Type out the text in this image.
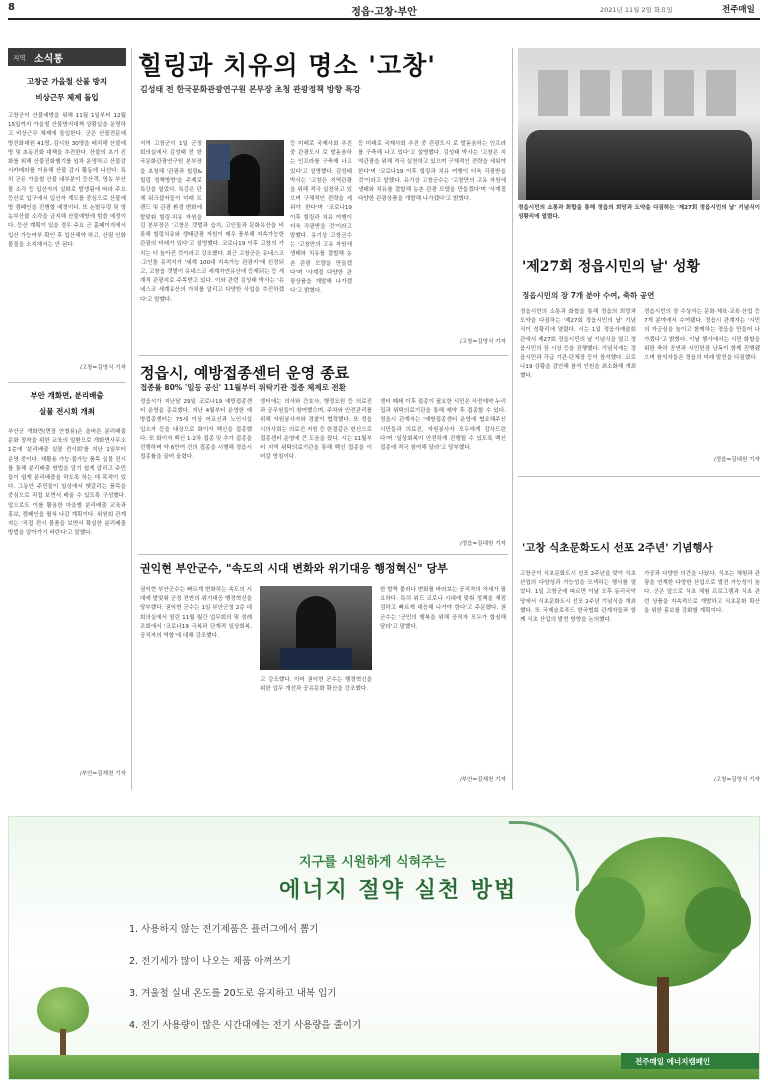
8	정읍·고창·부안	2021년 11월 2일 화요일	전주매일
지역 소식통
고창군 가을철 산불 방지
비상근무 체제 돌입
고창군이 산불예방을 위해 11월 1일부터 12월 15일까지 가을철 산불방지대책 상황실을 운영하고 비상근무 체제에 돌입한다. 군은 산불전문예방진화대원 41명, 감시원 30명을 배치해 산불예방 및 초동진화 대책을 추진한다. 산불의 초기 진화를 위해 산불진화헬기를 임차 운영하고 산불감시카메라를 이용해 산불 감시 활동에 나선다. 특히 군은 가을철 산불 대부분이 등산객, 영농 부산물 소각 등 입산자의 실화로 발생됨에 따라 주요 등산로 입구에서 입산자 계도를 중심으로 산불예방 캠페인을 진행할 예정이다. 또 논밭두렁 및 영농부산물 소각을 금지해 산불예방에 힘쓸 예정이다. 등산 계획이 있을 경우 주요 군 홈페이지에서 입산 가능여부 확인 후 입산해야 하고, 산림 인화물질을 소지해서는 안 된다.
/고창=김영식 기자
부안 개화면, 분리배출
실물 전시회 개최
부안군 개화면(면장 안철용)은 올바른 분리배출 문화 정착을 위한 교육의 일환으로 개화면사무소 1층에 '분리배출 실물 전시회'를 지난 1일부터 운영 중이다. 재활용 가능·불가능 품목 실물 전시를 통해 분리배출 방법을 알기 쉽게 알리고 주민들이 쉽게 분리배출을 하도록 하는 데 목적이 있다. 그동안 주민들이 일상에서 헷갈리는 품목을 중심으로 직접 보면서 배울 수 있도록 구성했다. 앞으로도 이를 활용한 마을별 분리배출 교육과 홍보, 캠페인을 펼쳐 나갈 계획이다. 위원회 관계자는 '직접 전시 물품을 보면서 확실한 분리배출 방법을 알아가기 바란다'고 말했다.
/부안=김재천 기자
힐링과 치유의 명소 '고창'
김성태 전 한국문화관광연구원 본부장 초청 관광정책 방향 특강
지역 고창군이 1일 군청 회의실에서 김성태 전 한국문화관광연구원 본부장을 초청해 '관광과 힐링&힐링 정책방향'을 주제로 특강을 열었다. 특강은 단체 워크샵자들이 미래 트렌드 및 관광 환경 변화에 발맞춰 힐링·치유 자원을
김 본부장은 '고창은 갯벌과 습지, 고인돌과 문화유산을 비롯해 힐링치유와 생태관광 자원이 매우 풍부해 지속가능한 관광의 미래가 있다'고 설명했다. 코로나19 이후 고창의 가치는 더 높아진 것이라고 강조했다. 최근 고창군은 유네스코·고인돌 유적지가 '세계 100대 지속가능 관광지'에 선정되고, 고창읍 갯벌이 유네스코 세계자연유산에 등재되는 등 세계적 관광지로 주목받고 있다. 이와 관련 김성태 박사는 '유네스코 세계유산의 가치를 알리고 다양한 사업을 추진하겠다'고 말했다.
등 미래로 국제사회 추진 중 관광도시 로 발돋움하는 인프라를 구축해 나고 있다'고 설명했다. 김성태 박사는 '고창은 지역관광을 위해 적극 실천하고 있으며 구체적인 전략을 세워야 한다'며 '코로나19 이후 힐링과 치유 여행이 더욱 각광받을 것'이라고 말했다. 유기상 고창군수는 '고창만의 고유 자원에 생태와 치유를 결합해 농촌 관광 모델을 만들겠다'며 '사계절 다양한 관광상품을 개발해 나가겠다'고 밝혔다.
등 미래로 국제사회 추진 중 관광도시 로 발돋움하는 인프라를 구축해 나고 있다'고 설명했다. 김성태 박사는 '고창은 지역관광을 위해 적극 실천하고 있으며 구체적인 전략을 세워야 한다'며 '코로나19 이후 힐링과 치유 여행이 더욱 각광받을 것'이라고 말했다. 유기상 고창군수는 '고창만의 고유 자원에 생태와 치유를 결합해 농촌 관광 모델을 만들겠다'며 '사계절 다양한 관광상품을 개발해 나가겠다'고 밝혔다.
/고창=김영식 기자
정읍시, 예방접종센터 운영 종료
접종률 80% '일등 공신' 11월부터 위탁기관 접종 체제로 전환
정읍시가 지난달 29일 코로나19 예방접종센터 운영을 종료했다. 지난 4월부터 운영한 예방접종센터는 75세 이상 어르신과 노인시설 입소자 등을 대상으로 화이자 백신을 접종했다. 또 화이자 백신 1·2차 접종 및 추가 접종을 진행하며 약 6만여 건의 접종을 시행해 정읍시 접종률을 끌어 올렸다.
센터에는 의사와 간호사, 행정요원 등 의료진과 공무원들이 참여했으며, 주차와 안전관리를 위해 자원봉사자와 경찰이 협력했다. 또 정읍시의사회는 의료진 지원 등 한결같은 헌신으로 접종센터 운영에 큰 도움을 줬다. 시는 11월부터 지역 위탁의료기관을 통해 백신 접종을 이어갈 방침이다.
센터 폐쇄 이후 접종이 필요한 시민은 사전예약 누리집과 위탁의료기관을 통해 예약 후 접종할 수 있다. 정읍시 관계자는 '예방접종센터 운영에 협조해주신 시민들과 의료진, 자원봉사자 모두에게 감사드린다'며 '일상회복이 안전하게 진행될 수 있도록 백신 접종에 적극 참여해 달라'고 당부했다.
/정읍=김대원 기자
권익현 부안군수, "속도의 시대 변화와 위기대응 행정혁신" 당부
권익현 부안군수는 빠르게 변화하는 속도의 시대에 발맞춰 군정 전반의 위기대응 행정혁신을 당부했다. 권익현 군수는 1일 부안군청 2층 대회의실에서 열린 11월 월간 업무회의 및 정례조회에서 '코로나19 극복과 단계적 일상회복, 공직자의 역할'에 대해 강조했다.
고 강조했다. 이어 권익현 군수는 행정혁신을 위한 업무 개선과 공유문화 확산을 강조했다.
한 발짝 물러나 변화를 바라보는 공직자의 자세가 필요하다. 특히 위드 코로나 시대에 맞춰 정책을 재점검하고 빠르게 대응해 나가야 한다'고 주문했다. 권 군수는 '군민의 행복을 위해 공직자 모두가 합심해 달라'고 말했다.
/부안=김재천 기자
정읍시민의 소통과 화합을 통해 정읍의 희망과 도약을 다짐하는 '제27회 정읍시민의 날' 기념식이 성황리에 열렸다.
'제27회 정읍시민의 날' 성황
정읍시민의 장 7개 분야 수여, 축하 공연
정읍시민의 소통과 화합을 통해 정읍의 희망과 도약을 다짐하는 '제27회 정읍시민의 날' 기념식이 성황리에 열렸다. 시는 1일 정읍사예술회관에서 제27회 정읍시민의 날 기념식을 열고 정읍시민의 장 시상 등을 진행했다. 기념식에는 정읍시민과 각급 기관·단체장 등이 참석했다. 코로나19 상황을 감안해 참석 인원을 최소화해 개최했다.
정읍시민의 장 수상자는 문화·체육·교육·산업 등 7개 분야에서 수여됐다. 정읍시 관계자는 '시민의 자긍심을 높이고 함께하는 정읍을 만들어 나가겠다'고 밝혔다. 이날 행사에서는 시민 화합을 위한 축하 공연과 시민헌장 낭독이 함께 진행됐으며 참석자들은 정읍의 미래 발전을 다짐했다.
/정읍=김대원 기자
'고창 식초문화도시 선포 2주년' 기념행사
고창군이 식초문화도시 선포 2주년을 맞아 식초산업의 다양성과 가능성을 모색하는 행사를 열었다. 1일 고창군에 따르면 이날 오후 동리국악당에서 식초문화도시 선포 2주년 기념식을 개최했다. 또 국제슬로푸드 한국협회 관계자들과 함께 식초 산업의 발전 방향을 논의했다.
가공과 다양한 의견을 나눴다. 식초는 체험과 관광을 연계한 다양한 산업으로 발전 가능성이 높다. 군은 앞으로 식초 체험 프로그램과 식초 관련 상품을 지속적으로 개발하고 식초문화 확산을 위한 홍보를 강화할 계획이다.
/고창=김영식 기자
지구를 시원하게 식혀주는
에너지 절약 실천 방법
1. 사용하지 않는 전기제품은 플러그에서 뽑기
2. 전기세가 많이 나오는 제품 아껴쓰기
3. 겨울철 실내 온도를 20도로 유지하고 내복 입기
4. 전기 사용량이 많은 시간대에는 전기 사용량을 줄이기
전주매일 에너지캠페인
